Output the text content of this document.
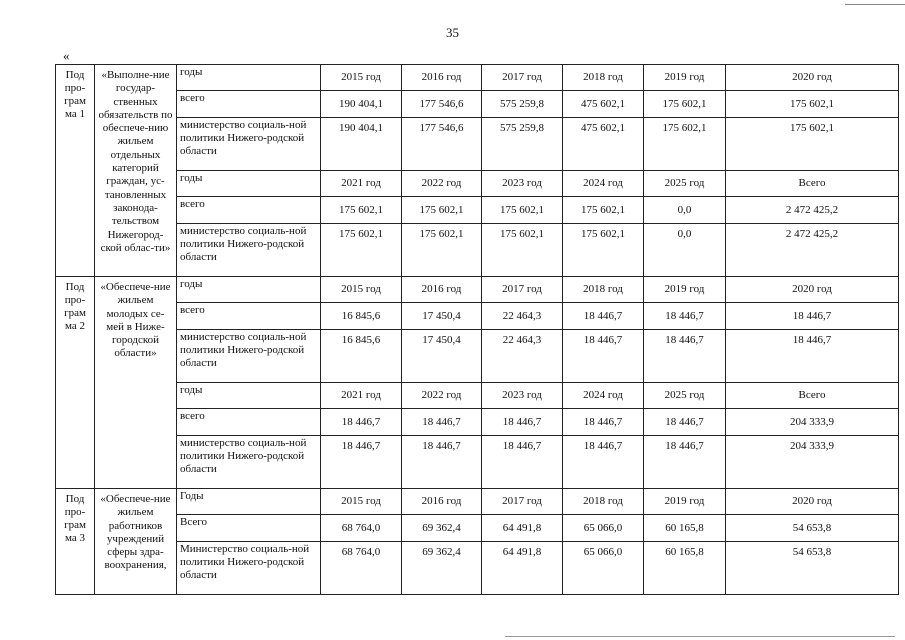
35
«
Под про-грам ма 1	«Выполне-ние государ-ственных обязательств по обеспече-нию жильем отдельных категорий граждан, ус-тановленных законода-тельством Нижегород-ской облас-ти»	годы	2015 год	2016 год	2017 год	2018 год	2019 год	2020 год
		всего	190 404,1	177 546,6	575 259,8	475 602,1	175 602,1	175 602,1
		министерство социаль-ной политики Нижего-родской области	190 404,1	177 546,6	575 259,8	475 602,1	175 602,1	175 602,1
		годы	2021 год	2022 год	2023 год	2024 год	2025 год	Всего
		всего	175 602,1	175 602,1	175 602,1	175 602,1	0,0	2 472 425,2
		министерство социаль-ной политики Нижего-родской области	175 602,1	175 602,1	175 602,1	175 602,1	0,0	2 472 425,2
Под про-грам ма 2	«Обеспече-ние жильем молодых се-мей в Нижe-городской области»	годы	2015 год	2016 год	2017 год	2018 год	2019 год	2020 год
		всего	16 845,6	17 450,4	22 464,3	18 446,7	18 446,7	18 446,7
		министерство социаль-ной политики Нижего-родской области	16 845,6	17 450,4	22 464,3	18 446,7	18 446,7	18 446,7
		годы	2021 год	2022 год	2023 год	2024 год	2025 год	Всего
		всего	18 446,7	18 446,7	18 446,7	18 446,7	18 446,7	204 333,9
		министерство социаль-ной политики Нижего-родской области	18 446,7	18 446,7	18 446,7	18 446,7	18 446,7	204 333,9
Под про-грам ма 3	«Обеспече-ние жильем работников учреждений сферы здра-воохранения,	Годы	2015 год	2016 год	2017 год	2018 год	2019 год	2020 год
		Всего	68 764,0	69 362,4	64 491,8	65 066,0	60 165,8	54 653,8
		Министерство социаль-ной политики Нижего-родской области	68 764,0	69 362,4	64 491,8	65 066,0	60 165,8	54 653,8
